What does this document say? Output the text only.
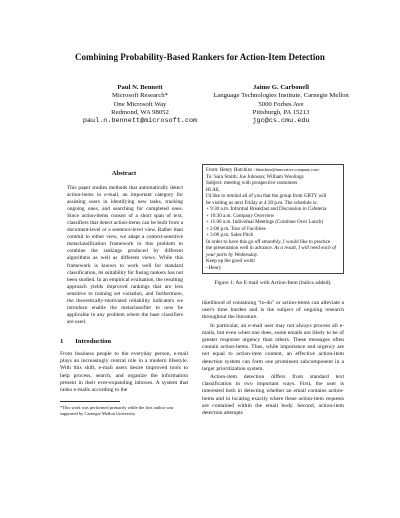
Combining Probability-Based Rankers for Action-Item Detection
Paul N. Bennett
Microsoft Research*
One Microsoft Way
Redmond, WA 98052
paul.n.bennett@microsoft.com
Jaime G. Carbonell
Language Technologies Institute, Carnegie Mellon
5000 Forbes Ave
Pittsburgh, PA 15213
jgc@cs.cmu.edu
Abstract

This paper studies methods that automatically detect action-items in e-mail, an important category for assisting users in identifying new tasks, tracking ongoing ones, and searching for completed ones. Since action-items consist of a short span of text, classifiers that detect action-items can be built from a document-level or a sentence-level view. Rather than commit to either view, we adapt a context-sensitive metaclassification framework to this problem to combine the rankings produced by different algorithms as well as different views. While this framework is known to work well for standard classification, its suitability for fusing rankers has not been studied. In an empirical evaluation, the resulting approach yields improved rankings that are less sensitive to training set variation, and furthermore, the theoretically-motivated reliability indicators we introduce enable the metaclassifier to now be applicable in any problem where the base classifiers are used.

1 Introduction

From business people to the everyday person, e-mail plays an increasingly central role in a modern lifestyle. With this shift, e-mail users desire improved tools to help process, search, and organize the information present in their ever-expanding inboxes. A system that ranks e-mails according to the

*This work was performed primarily while the first author was supported by Carnegie Mellon University.

From: Henry Hutchins <hhutchins@innovative.company.com>
To: Sara Smith; Joe Johnson; William Woolings
Subject: meeting with prospective customers
Hi All,
I'd like to remind all of you that the group from GRTY will
be visiting us next Friday at 4:30 p.m. The schedule is:
+ 9:30 a.m. Informal Breakfast and Discussion in Cafeteria
+ 10:30 a.m. Company Overview
+ 11:00 a.m. Individual Meetings (Continue Over Lunch)
+ 2:00 p.m. Tour of Facilities
+ 3:00 p.m. Sales Pitch
In order to have this go off smoothly, I would like to practice
the presentation well in advance. As a result, I will need each of your parts by Wednesday.
Keep up the good work!
–Henry
Figure 1: An E-mail with Action-Item (italics added).

likelihood of containing "to-do" or action-items can alleviate a user's time burden and is the subject of ongoing research throughout the literature.

In particular, an e-mail user may not always process all e-mails, but even when one does, some emails are likely to be of greater response urgency than others. These messages often contain action-items. Thus, while importance and urgency are not equal to action-item content, an effective action-item detection system can form one prominent subcomponent in a larger prioritization system.

Action-item detection differs from standard text classification in two important ways. First, the user is interested both in detecting whether an email contains action-items and in locating exactly where these action-item requests are contained within the email body. Second, action-item detection attempts
